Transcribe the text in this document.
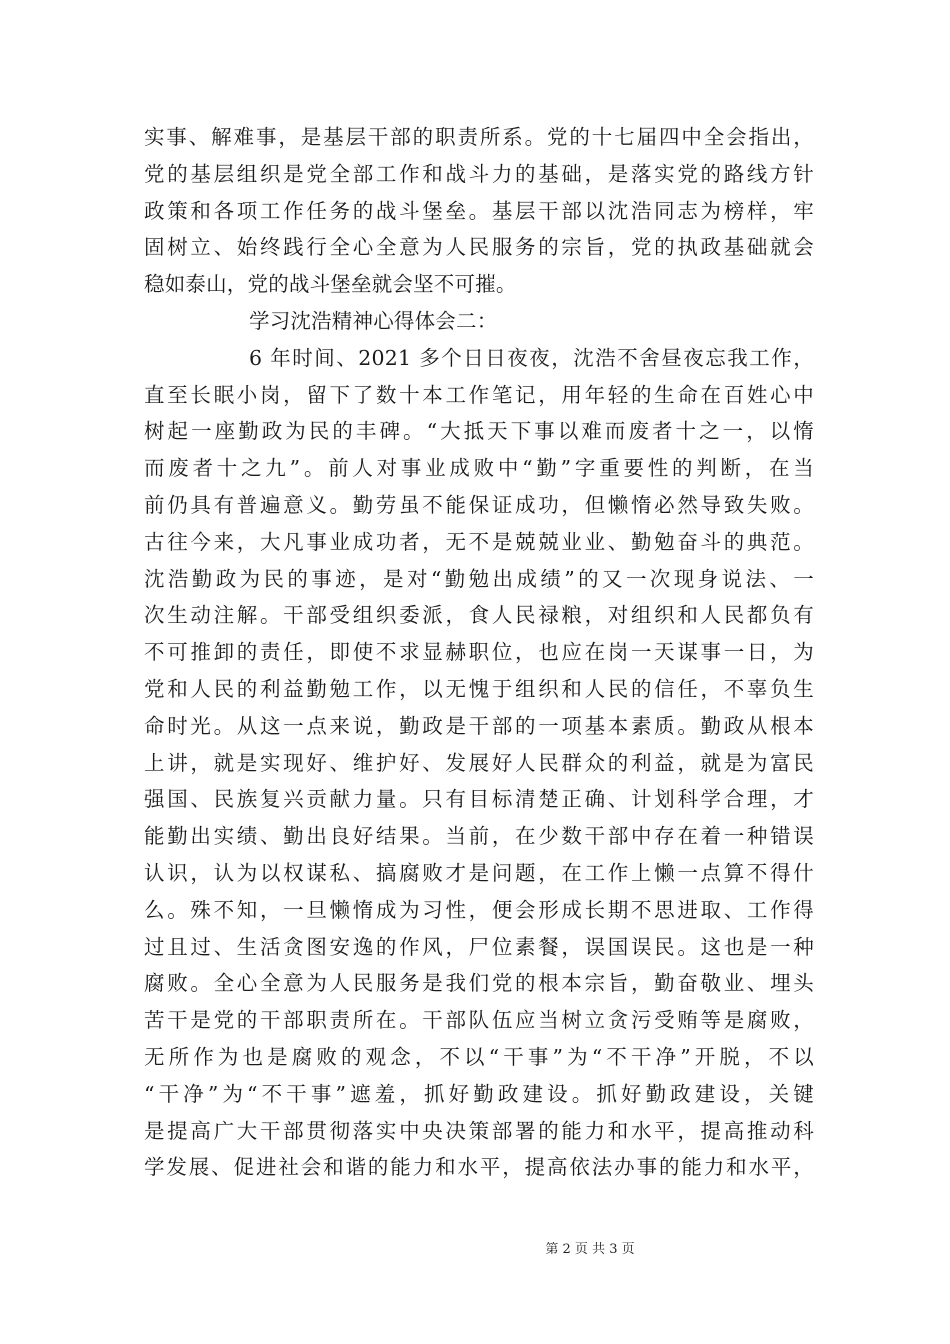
实事、解难事，是基层干部的职责所系。党的十七届四中全会指出，
党的基层组织是党全部工作和战斗力的基础，是落实党的路线方针
政策和各项工作任务的战斗堡垒。基层干部以沈浩同志为榜样，牢
固树立、始终践行全心全意为人民服务的宗旨，党的执政基础就会
稳如泰山，党的战斗堡垒就会坚不可摧。
学习沈浩精神心得体会二：
6 年时间、2021 多个日日夜夜，沈浩不舍昼夜忘我工作，
直至长眠小岗，留下了数十本工作笔记，用年轻的生命在百姓心中
树起一座勤政为民的丰碑。“大抵天下事以难而废者十之一，以惰
而废者十之九”。前人对事业成败中“勤”字重要性的判断，在当
前仍具有普遍意义。勤劳虽不能保证成功，但懒惰必然导致失败。
古往今来，大凡事业成功者，无不是兢兢业业、勤勉奋斗的典范。
沈浩勤政为民的事迹，是对“勤勉出成绩”的又一次现身说法、一
次生动注解。干部受组织委派，食人民禄粮，对组织和人民都负有
不可推卸的责任，即使不求显赫职位，也应在岗一天谋事一日，为
党和人民的利益勤勉工作，以无愧于组织和人民的信任，不辜负生
命时光。从这一点来说，勤政是干部的一项基本素质。勤政从根本
上讲，就是实现好、维护好、发展好人民群众的利益，就是为富民
强国、民族复兴贡献力量。只有目标清楚正确、计划科学合理，才
能勤出实绩、勤出良好结果。当前，在少数干部中存在着一种错误
认识，认为以权谋私、搞腐败才是问题，在工作上懒一点算不得什
么。殊不知，一旦懒惰成为习性，便会形成长期不思进取、工作得
过且过、生活贪图安逸的作风，尸位素餐，误国误民。这也是一种
腐败。全心全意为人民服务是我们党的根本宗旨，勤奋敬业、埋头
苦干是党的干部职责所在。干部队伍应当树立贪污受贿等是腐败，
无所作为也是腐败的观念，不以“干事”为“不干净”开脱，不以
“干净”为“不干事”遮羞，抓好勤政建设。抓好勤政建设，关键
是提高广大干部贯彻落实中央决策部署的能力和水平，提高推动科
学发展、促进社会和谐的能力和水平，提高依法办事的能力和水平，
第 2 页 共 3 页
